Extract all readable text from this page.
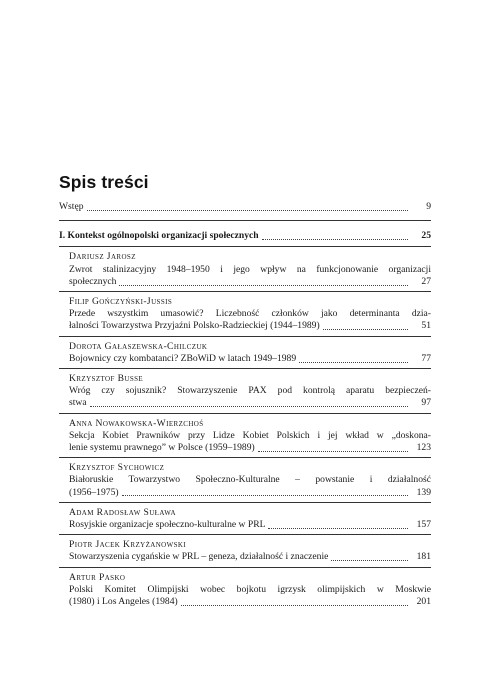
Spis treści
Wstęp	9
I. Kontekst ogólnopolski organizacji społecznych	25
Dariusz Jarosz
Zwrot stalinizacyjny 1948–1950 i jego wpływ na funkcjonowanie organizacji
społecznych	27
Filip Gończyński-Jussis
Przede wszystkim umasowić? Liczebność członków jako determinanta dzia-
łalności Towarzystwa Przyjaźni Polsko-Radzieckiej (1944–1989)	51
Dorota Gałaszewska-Chilczuk
Bojownicy czy kombatanci? ZBoWiD w latach 1949–1989	77
Krzysztof Busse
Wróg czy sojusznik? Stowarzyszenie PAX pod kontrolą aparatu bezpieczeń-
stwa	97
Anna Nowakowska-Wierzchoś
Sekcja Kobiet Prawników przy Lidze Kobiet Polskich i jej wkład w „doskona-
lenie systemu prawnego” w Polsce (1959–1989)	123
Krzysztof Sychowicz
Białoruskie Towarzystwo Społeczno-Kulturalne – powstanie i działalność
(1956–1975)	139
Adam Radosław Suława
Rosyjskie organizacje społeczno-kulturalne w PRL	157
Piotr Jacek Krzyżanowski
Stowarzyszenia cygańskie w PRL – geneza, działalność i znaczenie	181
Artur Pasko
Polski Komitet Olimpijski wobec bojkotu igrzysk olimpijskich w Moskwie
(1980) i Los Angeles (1984)	201
